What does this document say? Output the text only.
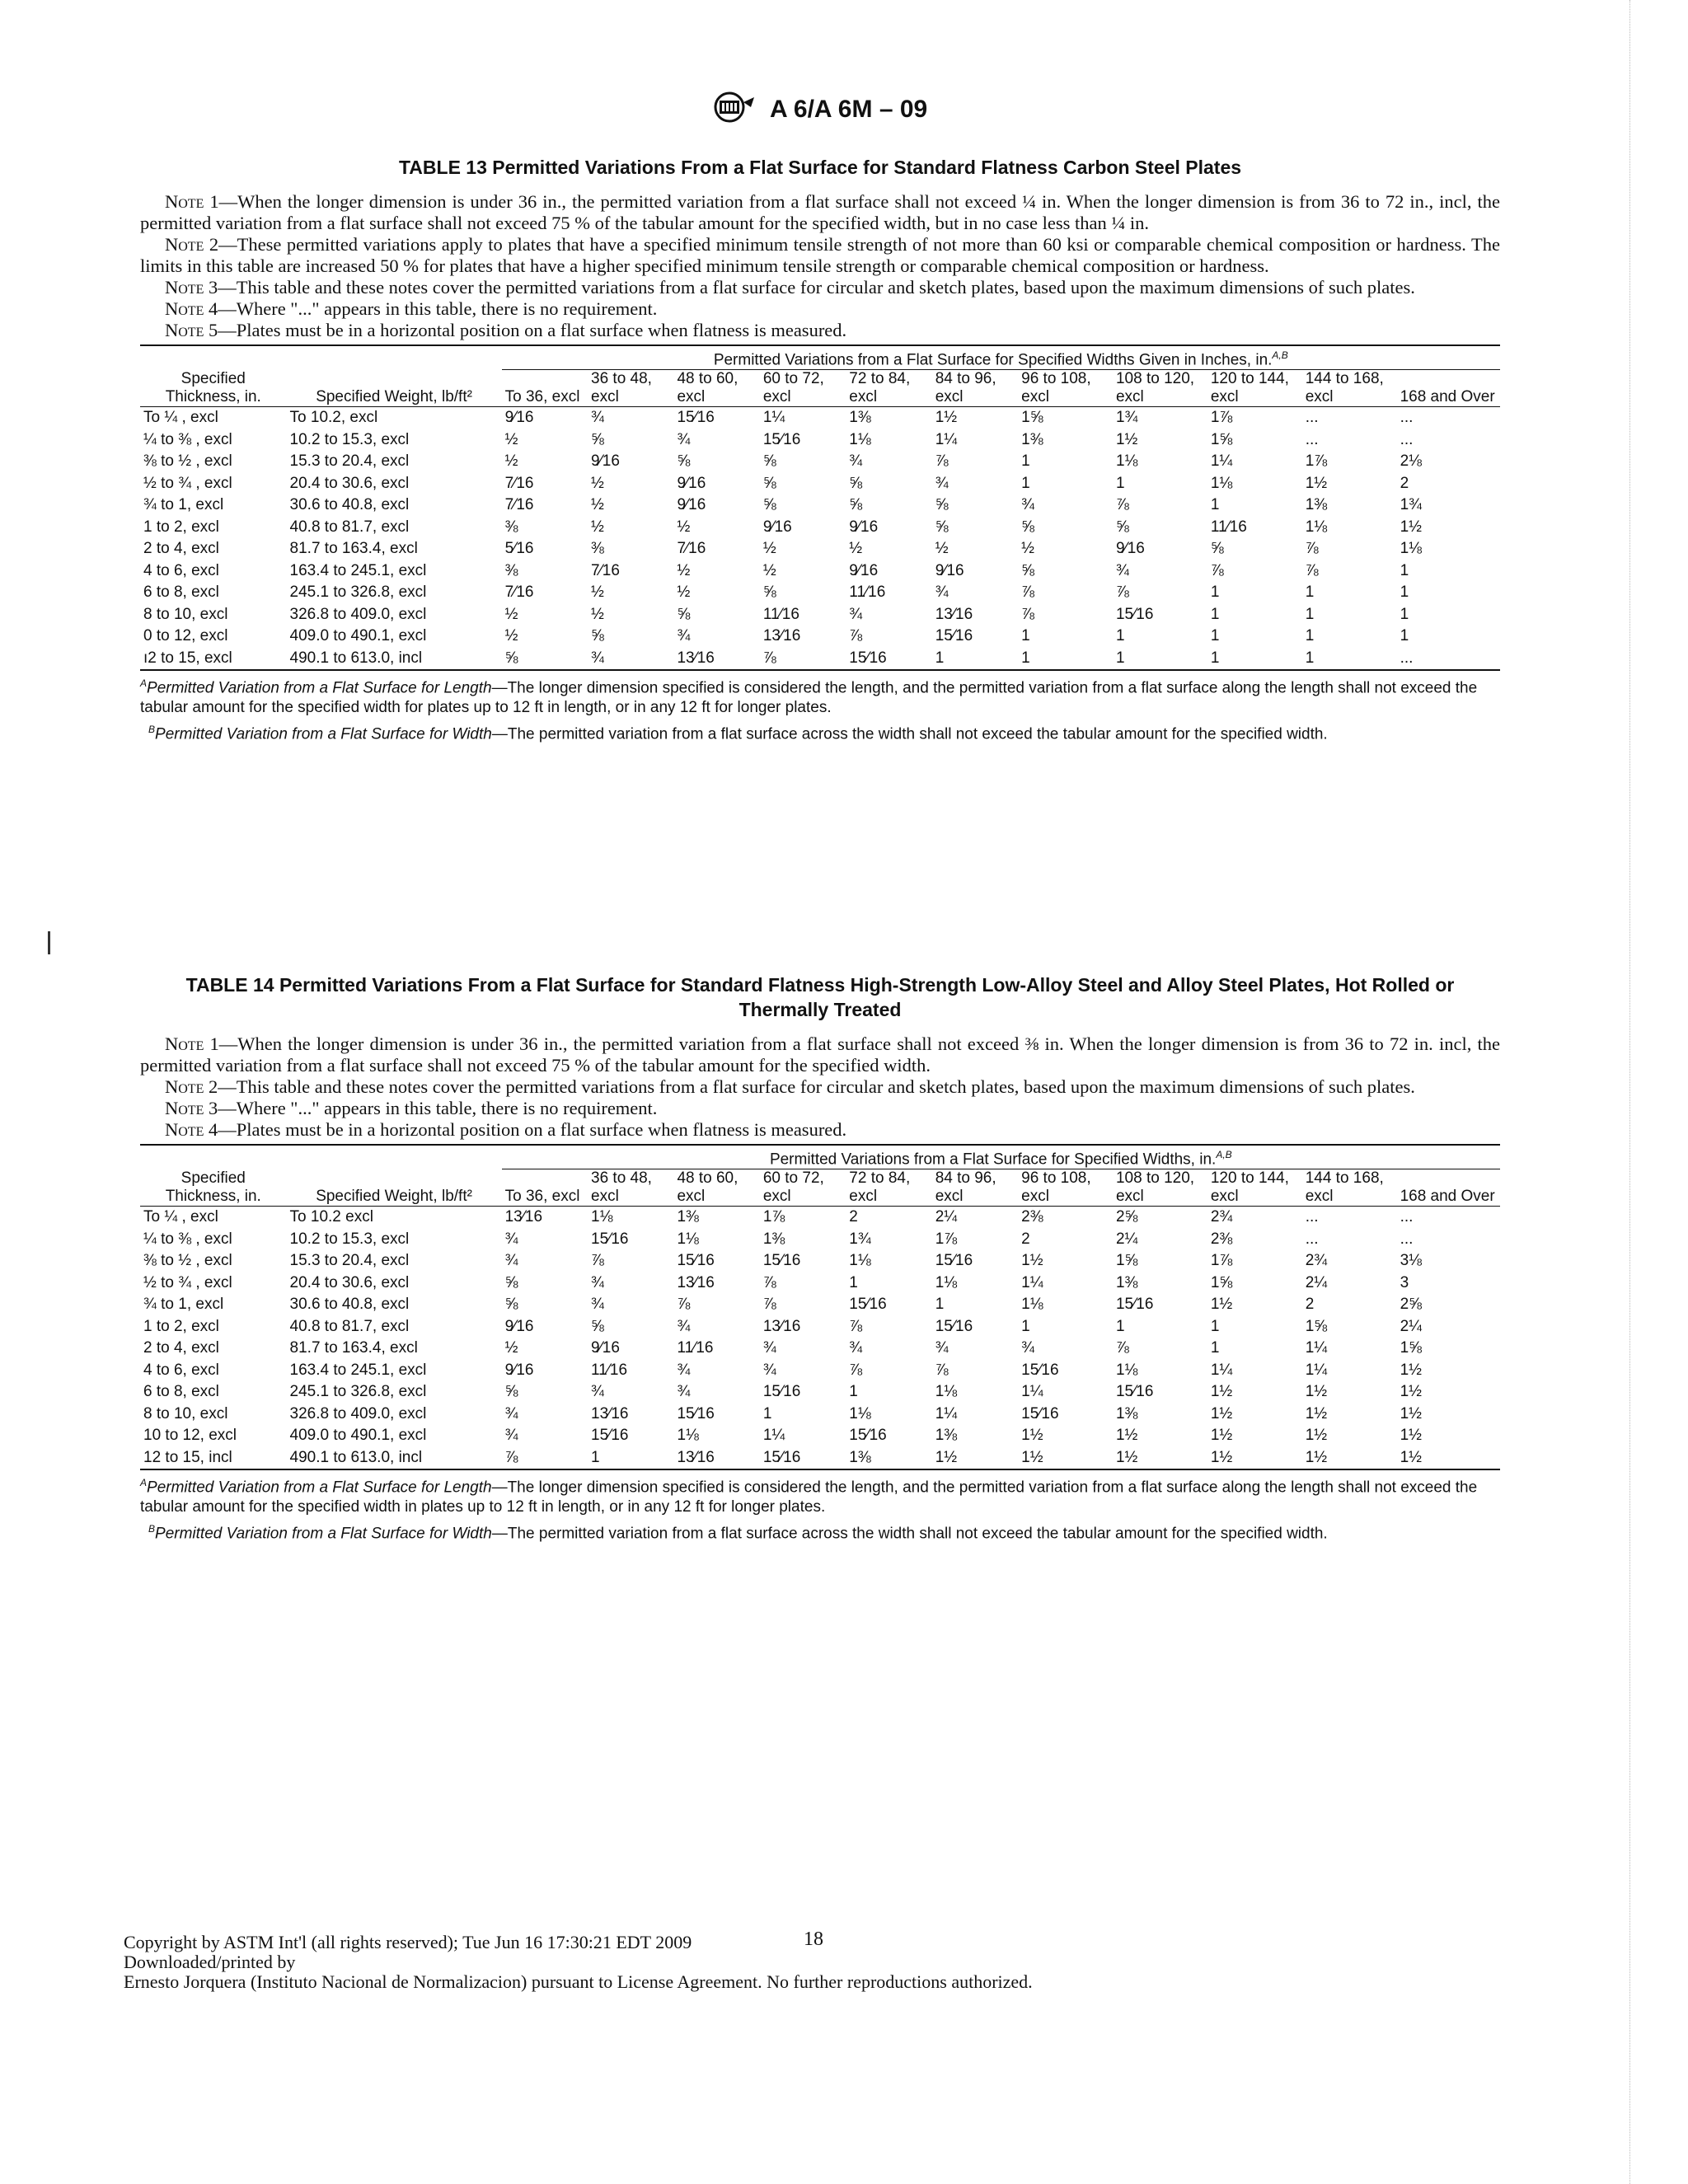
A 6/A 6M – 09
TABLE 13 Permitted Variations From a Flat Surface for Standard Flatness Carbon Steel Plates
Note 1—When the longer dimension is under 36 in., the permitted variation from a flat surface shall not exceed ¼ in. When the longer dimension is from 36 to 72 in., incl, the permitted variation from a flat surface shall not exceed 75 % of the tabular amount for the specified width, but in no case less than ¼ in.
Note 2—These permitted variations apply to plates that have a specified minimum tensile strength of not more than 60 ksi or comparable chemical composition or hardness. The limits in this table are increased 50 % for plates that have a higher specified minimum tensile strength or comparable chemical composition or hardness.
Note 3—This table and these notes cover the permitted variations from a flat surface for circular and sketch plates, based upon the maximum dimensions of such plates.
Note 4—Where "..." appears in this table, there is no requirement.
Note 5—Plates must be in a horizontal position on a flat surface when flatness is measured.
		Permitted Variations from a Flat Surface for Specified Widths Given in Inches, in.$^{A,B}$
Specified Thickness, in.	Specified Weight, lb/ft²	To 36, excl	36 to 48, excl	48 to 60, excl	60 to 72, excl	72 to 84, excl	84 to 96, excl	96 to 108, excl	108 to 120, excl	120 to 144, excl	144 to 168, excl	168 and Over
To ¼ , excl	To 10.2, excl	9⁄16	¾	15⁄16	1¼	1⅜	1½	1⅝	1¾	1⅞	...	...
¼ to ⅜ , excl	10.2 to 15.3, excl	½	⅝	¾	15⁄16	1⅛	1¼	1⅜	1½	1⅝	...	...
⅜ to ½ , excl	15.3 to 20.4, excl	½	9⁄16	⅝	⅝	¾	⅞	1	1⅛	1¼	1⅞	2⅛
½ to ¾ , excl	20.4 to 30.6, excl	7⁄16	½	9⁄16	⅝	⅝	¾	1	1	1⅛	1½	2
¾ to 1, excl	30.6 to 40.8, excl	7⁄16	½	9⁄16	⅝	⅝	⅝	¾	⅞	1	1⅜	1¾
1 to 2, excl	40.8 to 81.7, excl	⅜	½	½	9⁄16	9⁄16	⅝	⅝	⅝	11⁄16	1⅛	1½
2 to 4, excl	81.7 to 163.4, excl	5⁄16	⅜	7⁄16	½	½	½	½	9⁄16	⅝	⅞	1⅛
4 to 6, excl	163.4 to 245.1, excl	⅜	7⁄16	½	½	9⁄16	9⁄16	⅝	¾	⅞	⅞	1
6 to 8, excl	245.1 to 326.8, excl	7⁄16	½	½	⅝	11⁄16	¾	⅞	⅞	1	1	1
8 to 10, excl	326.8 to 409.0, excl	½	½	⅝	11⁄16	¾	13⁄16	⅞	15⁄16	1	1	1
0 to 12, excl	409.0 to 490.1, excl	½	⅝	¾	13⁄16	⅞	15⁄16	1	1	1	1	1
ı2 to 15, excl	490.1 to 613.0, incl	⅝	¾	13⁄16	⅞	15⁄16	1	1	1	1	1	...
$^A$Permitted Variation from a Flat Surface for Length—The longer dimension specified is considered the length, and the permitted variation from a flat surface along the length shall not exceed the tabular amount for the specified width for plates up to 12 ft in length, or in any 12 ft for longer plates.
$^B$Permitted Variation from a Flat Surface for Width—The permitted variation from a flat surface across the width shall not exceed the tabular amount for the specified width.
TABLE 14 Permitted Variations From a Flat Surface for Standard Flatness High-Strength Low-Alloy Steel and Alloy Steel Plates, Hot Rolled or Thermally Treated
Note 1—When the longer dimension is under 36 in., the permitted variation from a flat surface shall not exceed ⅜ in. When the longer dimension is from 36 to 72 in. incl, the permitted variation from a flat surface shall not exceed 75 % of the tabular amount for the specified width.
Note 2—This table and these notes cover the permitted variations from a flat surface for circular and sketch plates, based upon the maximum dimensions of such plates.
Note 3—Where "..." appears in this table, there is no requirement.
Note 4—Plates must be in a horizontal position on a flat surface when flatness is measured.
		Permitted Variations from a Flat Surface for Specified Widths, in.$^{A,B}$
Specified Thickness, in.	Specified Weight, lb/ft²	To 36, excl	36 to 48, excl	48 to 60, excl	60 to 72, excl	72 to 84, excl	84 to 96, excl	96 to 108, excl	108 to 120, excl	120 to 144, excl	144 to 168, excl	168 and Over
To ¼ , excl	To 10.2 excl	13⁄16	1⅛	1⅜	1⅞	2	2¼	2⅜	2⅝	2¾	...	...
¼ to ⅜ , excl	10.2 to 15.3, excl	¾	15⁄16	1⅛	1⅜	1¾	1⅞	2	2¼	2⅜	...	...
⅜ to ½ , excl	15.3 to 20.4, excl	¾	⅞	15⁄16	15⁄16	1⅛	15⁄16	1½	1⅝	1⅞	2¾	3⅛
½ to ¾ , excl	20.4 to 30.6, excl	⅝	¾	13⁄16	⅞	1	1⅛	1¼	1⅜	1⅝	2¼	3
¾ to 1, excl	30.6 to 40.8, excl	⅝	¾	⅞	⅞	15⁄16	1	1⅛	15⁄16	1½	2	2⅝
1 to 2, excl	40.8 to 81.7, excl	9⁄16	⅝	¾	13⁄16	⅞	15⁄16	1	1	1	1⅝	2¼
2 to 4, excl	81.7 to 163.4, excl	½	9⁄16	11⁄16	¾	¾	¾	¾	⅞	1	1¼	1⅝
4 to 6, excl	163.4 to 245.1, excl	9⁄16	11⁄16	¾	¾	⅞	⅞	15⁄16	1⅛	1¼	1¼	1½
6 to 8, excl	245.1 to 326.8, excl	⅝	¾	¾	15⁄16	1	1⅛	1¼	15⁄16	1½	1½	1½
8 to 10, excl	326.8 to 409.0, excl	¾	13⁄16	15⁄16	1	1⅛	1¼	15⁄16	1⅜	1½	1½	1½
10 to 12, excl	409.0 to 490.1, excl	¾	15⁄16	1⅛	1¼	15⁄16	1⅜	1½	1½	1½	1½	1½
12 to 15, incl	490.1 to 613.0, incl	⅞	1	13⁄16	15⁄16	1⅜	1½	1½	1½	1½	1½	1½
$^A$Permitted Variation from a Flat Surface for Length—The longer dimension specified is considered the length, and the permitted variation from a flat surface along the length shall not exceed the tabular amount for the specified width in plates up to 12 ft in length, or in any 12 ft for longer plates.
$^B$Permitted Variation from a Flat Surface for Width—The permitted variation from a flat surface across the width shall not exceed the tabular amount for the specified width.
18
Copyright by ASTM Int'l (all rights reserved); Tue Jun 16 17:30:21 EDT 2009
Downloaded/printed by
Ernesto Jorquera (Instituto Nacional de Normalizacion) pursuant to License Agreement. No further reproductions authorized.
